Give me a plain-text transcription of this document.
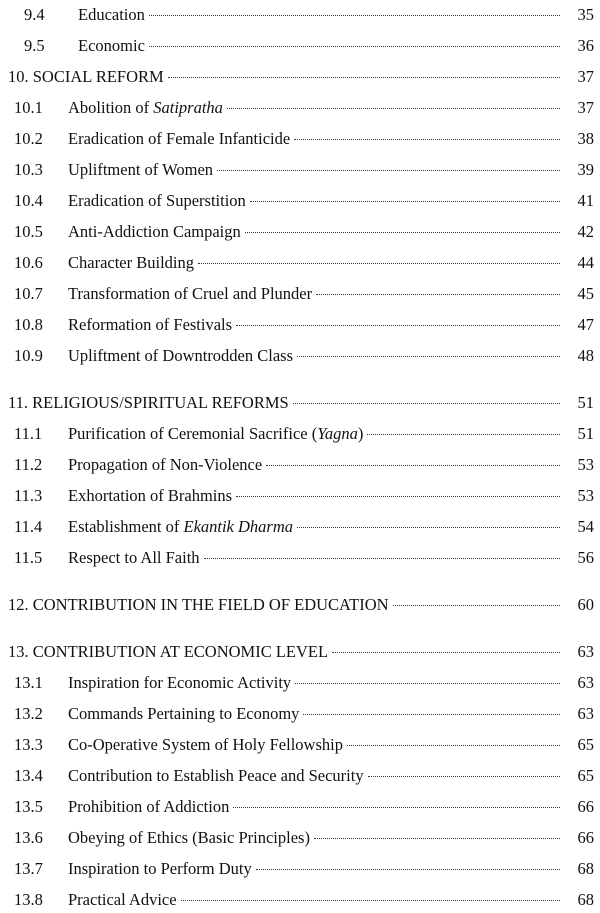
9.4	Education	35
9.5	Economic	36
10. SOCIAL REFORM	37
10.1	Abolition of Satipratha	37
10.2	Eradication of Female Infanticide	38
10.3	Upliftment of Women	39
10.4	Eradication of Superstition	41
10.5	Anti-Addiction Campaign	42
10.6	Character Building	44
10.7	Transformation of Cruel and Plunder	45
10.8	Reformation of Festivals	47
10.9	Upliftment of Downtrodden Class	48
11. RELIGIOUS/SPIRITUAL REFORMS	51
11.1	Purification of Ceremonial Sacrifice (Yagna)	51
11.2	Propagation of Non-Violence	53
11.3	Exhortation of Brahmins	53
11.4	Establishment of Ekantik Dharma	54
11.5	Respect to All Faith	56
12. CONTRIBUTION IN THE FIELD OF EDUCATION	60
13. CONTRIBUTION AT ECONOMIC LEVEL	63
13.1	Inspiration for Economic Activity	63
13.2	Commands Pertaining to Economy	63
13.3	Co-Operative System of Holy Fellowship	65
13.4	Contribution to Establish Peace and Security	65
13.5	Prohibition of Addiction	66
13.6	Obeying of Ethics (Basic Principles)	66
13.7	Inspiration to Perform Duty	68
13.8	Practical Advice	68
